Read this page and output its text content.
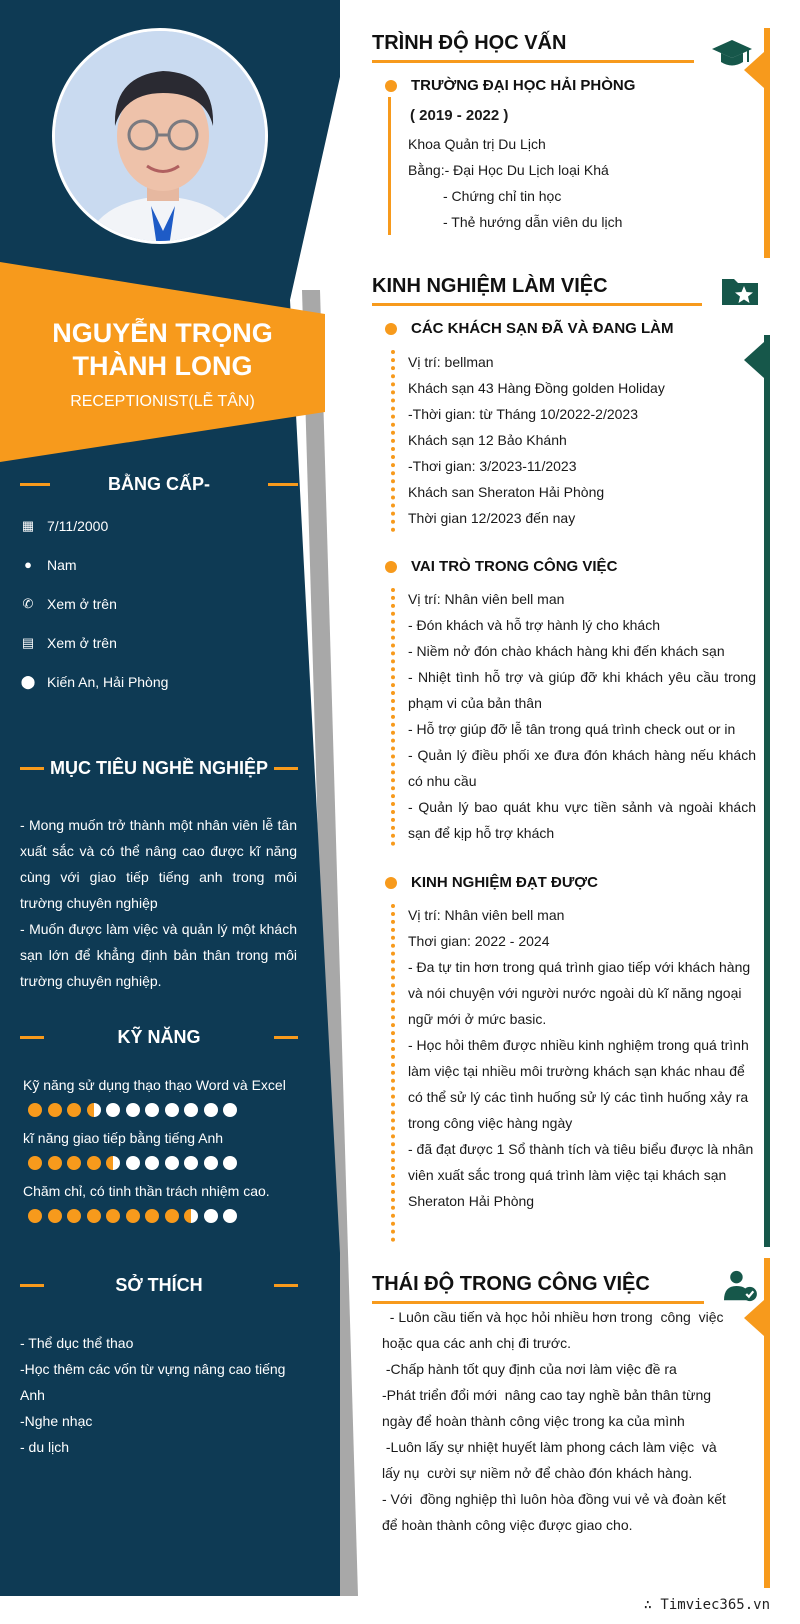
NGUYỄN TRỌNG THÀNH LONG
RECEPTIONIST(LỄ TÂN)
BẰNG CẤP-
▦ 7/11/2000
● Nam
✆ Xem ở trên
▤ Xem ở trên
⬤ Kiến An, Hải Phòng
MỤC TIÊU NGHỀ NGHIỆP
- Mong muốn trở thành một nhân viên lễ tân xuất sắc và có thể nâng cao được kĩ năng cùng với giao tiếp tiếng anh trong môi trường chuyên nghiệp
- Muốn được làm việc và quản lý một khách sạn lớn để khẳng định bản thân trong môi trường chuyên nghiệp.
KỸ NĂNG
Kỹ năng sử dụng thạo thạo Word và Excel
kĩ năng giao tiếp bằng tiếng Anh
Chăm chỉ, có tinh thần trách nhiệm cao.
SỞ THÍCH
- Thể dục thể thao
-Học thêm các vốn từ vựng nâng cao tiếng Anh
-Nghe nhạc
- du lịch
TRÌNH ĐỘ HỌC VẤN
TRƯỜNG ĐẠI HỌC HẢI PHÒNG
( 2019 - 2022 )
Khoa Quản trị Du Lịch
Bằng:- Đại Học Du Lịch loại Khá
- Chứng chỉ tin học
- Thẻ hướng dẫn viên du lịch
KINH NGHIỆM LÀM VIỆC
CÁC KHÁCH SẠN ĐÃ VÀ ĐANG LÀM
Vị trí: bellman
Khách sạn 43 Hàng Đồng golden Holiday
-Thời gian: từ Tháng 10/2022-2/2023
Khách sạn 12 Bảo Khánh
-Thơi gian: 3/2023-11/2023
Khách san Sheraton Hải Phòng
Thời gian 12/2023 đến nay
VAI TRÒ TRONG CÔNG VIỆC
Vị trí: Nhân viên bell man
- Đón khách và hỗ trợ hành lý cho khách
- Niềm nở đón chào khách hàng khi đến khách sạn
- Nhiệt tình hỗ trợ và giúp đỡ khi khách yêu cầu trong phạm vi của bản thân
- Hỗ trợ giúp đỡ lễ tân trong quá trình check out or in
- Quản lý điều phối xe đưa đón khách hàng nếu khách có nhu cầu
- Quản lý bao quát khu vực tiền sảnh và ngoài khách sạn để kịp hỗ trợ khách
KINH NGHIỆM ĐẠT ĐƯỢC
Vị trí: Nhân viên bell man
Thơi gian: 2022 - 2024
- Đa tự tin hơn trong quá trình giao tiếp với khách hàng và nói chuyện với người nước ngoài dù kĩ năng ngoại ngữ mới ở mức basic.
- Học hỏi thêm được nhiều kinh nghiệm trong quá trình làm việc tại nhiều môi trường khách sạn khác nhau để có thể sử lý các tình huống sử lý các tình huống xảy ra trong công việc hàng ngày
- đã đạt được 1 Sổ thành tích và tiêu biểu được là nhân viên xuất sắc trong quá trình làm việc tại khách sạn Sheraton Hải Phòng
THÁI ĐỘ TRONG CÔNG VIỆC
- Luôn cầu tiến và học hỏi nhiều hơn trong  công  việc hoặc qua các anh chị đi trước.
-Chấp hành tốt quy định của nơi làm việc đề ra
-Phát triển đổi mới  nâng cao tay nghề bản thân từng ngày để hoàn thành công việc trong ka của mình
-Luôn lấy sự nhiệt huyết làm phong cách làm việc  và lấy nụ  cười sự niềm nở để chào đón khách hàng.
- Với  đồng nghiệp thì luôn hòa đồng vui vẻ và đoàn kết để hoàn thành công việc được giao cho.
∴ Timviec365.vn
